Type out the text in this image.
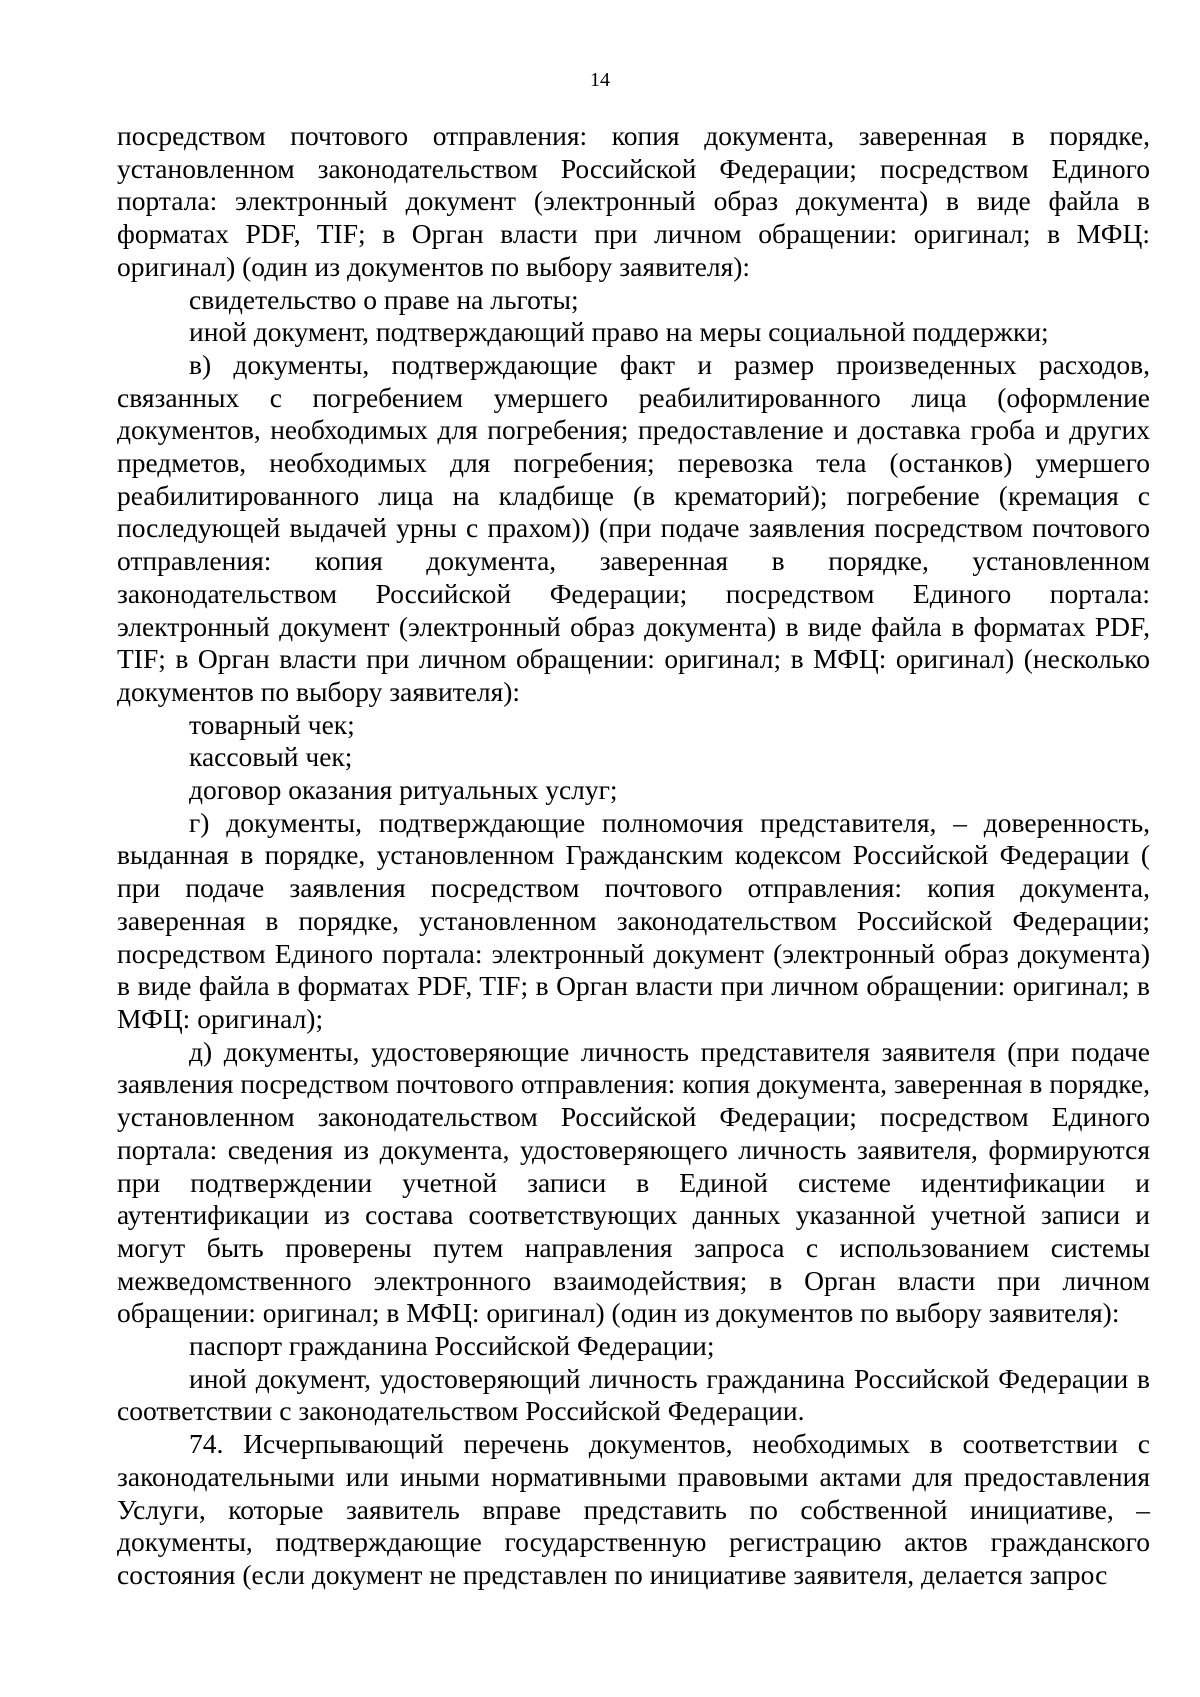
14

посредством почтового отправления: копия документа, заверенная в порядке, установленном законодательством Российской Федерации; посредством Единого портала: электронный документ (электронный образ документа) в виде файла в форматах PDF, TIF; в Орган власти при личном обращении: оригинал; в МФЦ: оригинал) (один из документов по выбору заявителя):

свидетельство о праве на льготы;

иной документ, подтверждающий право на меры социальной поддержки;

в) документы, подтверждающие факт и размер произведенных расходов, связанных с погребением умершего реабилитированного лица (оформление документов, необходимых для погребения; предоставление и доставка гроба и других предметов, необходимых для погребения; перевозка тела (останков) умершего реабилитированного лица на кладбище (в крематорий); погребение (кремация с последующей выдачей урны с прахом)) (при подаче заявления посредством почтового отправления: копия документа, заверенная в порядке, установленном законодательством Российской Федерации; посредством Единого портала: электронный документ (электронный образ документа) в виде файла в форматах PDF, TIF; в Орган власти при личном обращении: оригинал; в МФЦ: оригинал) (несколько документов по выбору заявителя):

товарный чек;

кассовый чек;

договор оказания ритуальных услуг;

г) документы, подтверждающие полномочия представителя, – доверенность, выданная в порядке, установленном Гражданским кодексом Российской Федерации ( при подаче заявления посредством почтового отправления: копия документа, заверенная в порядке, установленном законодательством Российской Федерации; посредством Единого портала: электронный документ (электронный образ документа) в виде файла в форматах PDF, TIF; в Орган власти при личном обращении: оригинал; в МФЦ: оригинал);

д) документы, удостоверяющие личность представителя заявителя (при подаче заявления посредством почтового отправления: копия документа, заверенная в порядке, установленном законодательством Российской Федерации; посредством Единого портала: сведения из документа, удостоверяющего личность заявителя, формируются при подтверждении учетной записи в Единой системе идентификации и аутентификации из состава соответствующих данных указанной учетной записи и могут быть проверены путем направления запроса с использованием системы межведомственного электронного взаимодействия; в Орган власти при личном обращении: оригинал; в МФЦ: оригинал) (один из документов по выбору заявителя):

паспорт гражданина Российской Федерации;

иной документ, удостоверяющий личность гражданина Российской Федерации в соответствии с законодательством Российской Федерации.

74. Исчерпывающий перечень документов, необходимых в соответствии с законодательными или иными нормативными правовыми актами для предоставления Услуги, которые заявитель вправе представить по собственной инициативе, – документы, подтверждающие государственную регистрацию актов гражданского состояния (если документ не представлен по инициативе заявителя, делается запрос
